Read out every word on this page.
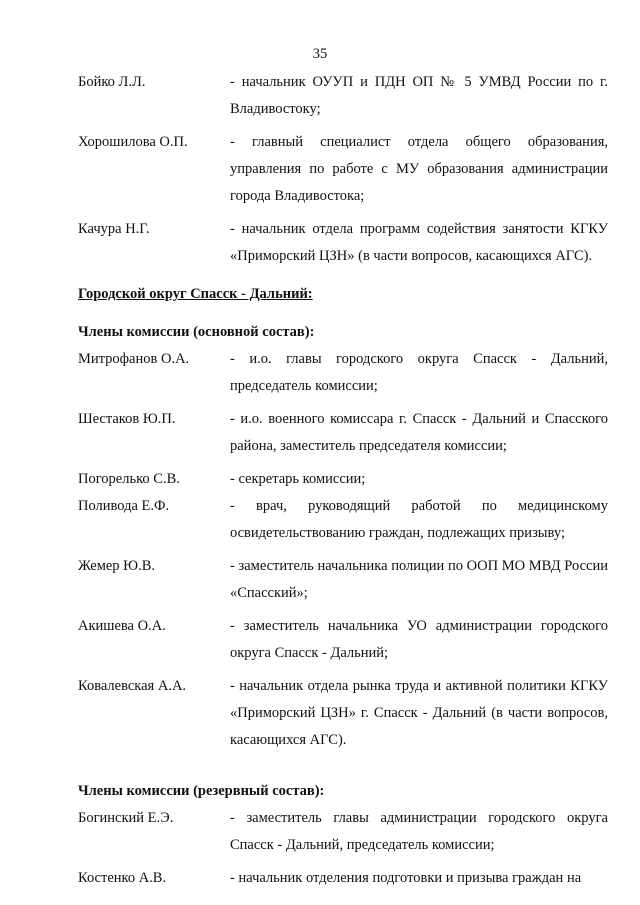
35
Бойко Л.Л.	- начальник ОУУП и ПДН ОП № 5 УМВД России по г. Владивостоку;
Хорошилова О.П.	- главный специалист отдела общего образования, управления по работе с МУ образования администрации города Владивостока;
Качура Н.Г.	- начальник отдела программ содействия занятости КГКУ «Приморский ЦЗН» (в части вопросов, касающихся АГС).
Городской округ Спасск - Дальний:
Члены комиссии (основной состав):
Митрофанов О.А.	- и.о. главы городского округа Спасск - Дальний, председатель комиссии;
Шестаков Ю.П.	- и.о. военного комиссара г. Спасск - Дальний и Спасского района, заместитель председателя комиссии;
Погорелько С.В.	- секретарь комиссии;
Поливода Е.Ф.	- врач, руководящий работой по медицинскому освидетельствованию граждан, подлежащих призыву;
Жемер Ю.В.	- заместитель начальника полиции по ООП МО МВД России «Спасский»;
Акишева О.А.	- заместитель начальника УО администрации городского округа Спасск - Дальний;
Ковалевская А.А.	- начальник отдела рынка труда и активной политики КГКУ «Приморский ЦЗН» г. Спасск - Дальний (в части вопросов, касающихся АГС).
Члены комиссии (резервный состав):
Богинский Е.Э.	- заместитель главы администрации городского округа Спасск - Дальний, председатель комиссии;
Костенко А.В.	- начальник отделения подготовки и призыва граждан на
